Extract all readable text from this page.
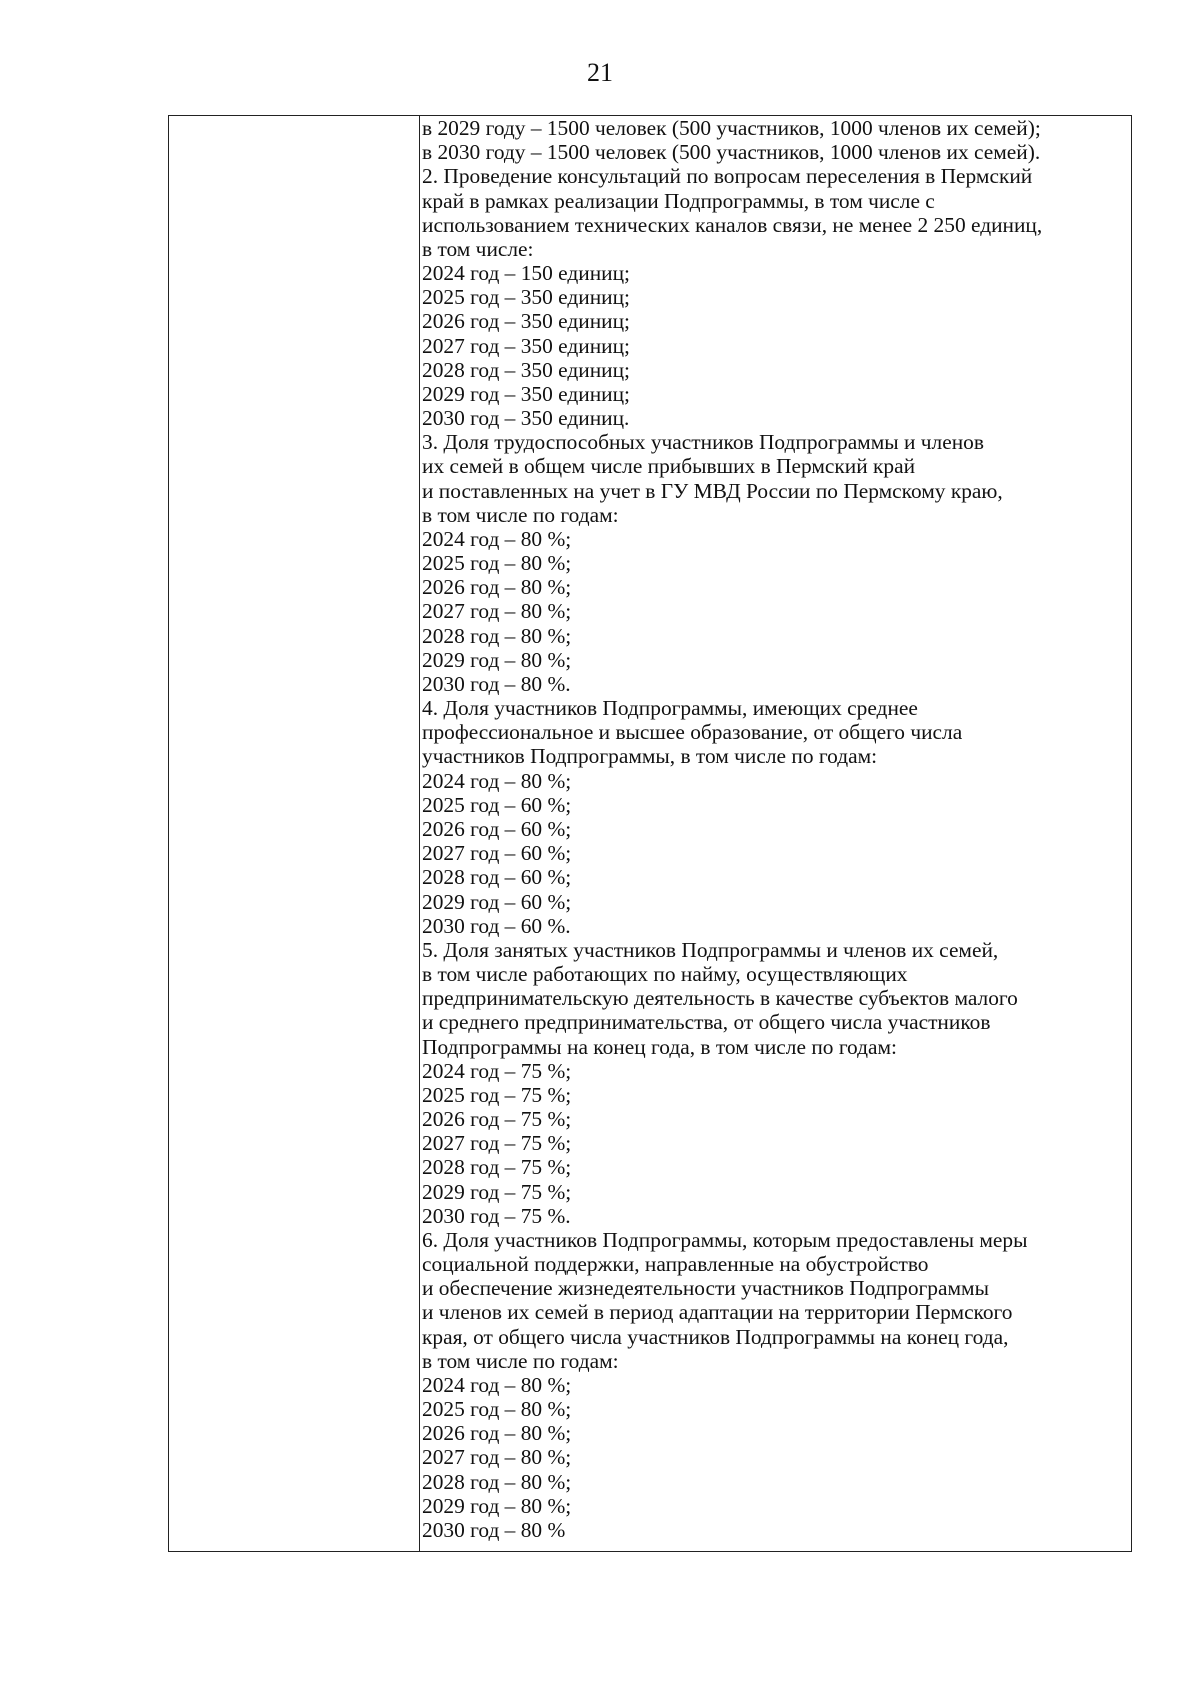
21
в 2029 году – 1500 человек (500 участников, 1000 членов их семей);
в 2030 году – 1500 человек (500 участников, 1000 членов их семей).
2. Проведение консультаций по вопросам переселения в Пермский
край в рамках реализации Подпрограммы, в том числе с
использованием технических каналов связи, не менее 2 250 единиц,
в том числе:
2024 год – 150 единиц;
2025 год – 350 единиц;
2026 год – 350 единиц;
2027 год – 350 единиц;
2028 год – 350 единиц;
2029 год – 350 единиц;
2030 год – 350 единиц.
3. Доля трудоспособных участников Подпрограммы и членов
их семей в общем числе прибывших в Пермский край
и поставленных на учет в ГУ МВД России по Пермскому краю,
в том числе по годам:
2024 год – 80 %;
2025 год – 80 %;
2026 год – 80 %;
2027 год – 80 %;
2028 год – 80 %;
2029 год – 80 %;
2030 год – 80 %.
4. Доля участников Подпрограммы, имеющих среднее
профессиональное и высшее образование, от общего числа
участников Подпрограммы, в том числе по годам:
2024 год – 80 %;
2025 год – 60 %;
2026 год – 60 %;
2027 год – 60 %;
2028 год – 60 %;
2029 год – 60 %;
2030 год – 60 %.
5. Доля занятых участников Подпрограммы и членов их семей,
в том числе работающих по найму, осуществляющих
предпринимательскую деятельность в качестве субъектов малого
и среднего предпринимательства, от общего числа участников
Подпрограммы на конец года, в том числе по годам:
2024 год – 75 %;
2025 год – 75 %;
2026 год – 75 %;
2027 год – 75 %;
2028 год – 75 %;
2029 год – 75 %;
2030 год – 75 %.
6. Доля участников Подпрограммы, которым предоставлены меры
социальной поддержки, направленные на обустройство
и обеспечение жизнедеятельности участников Подпрограммы
и членов их семей в период адаптации на территории Пермского
края, от общего числа участников Подпрограммы на конец года,
в том числе по годам:
2024 год – 80 %;
2025 год – 80 %;
2026 год – 80 %;
2027 год – 80 %;
2028 год – 80 %;
2029 год – 80 %;
2030 год – 80 %
